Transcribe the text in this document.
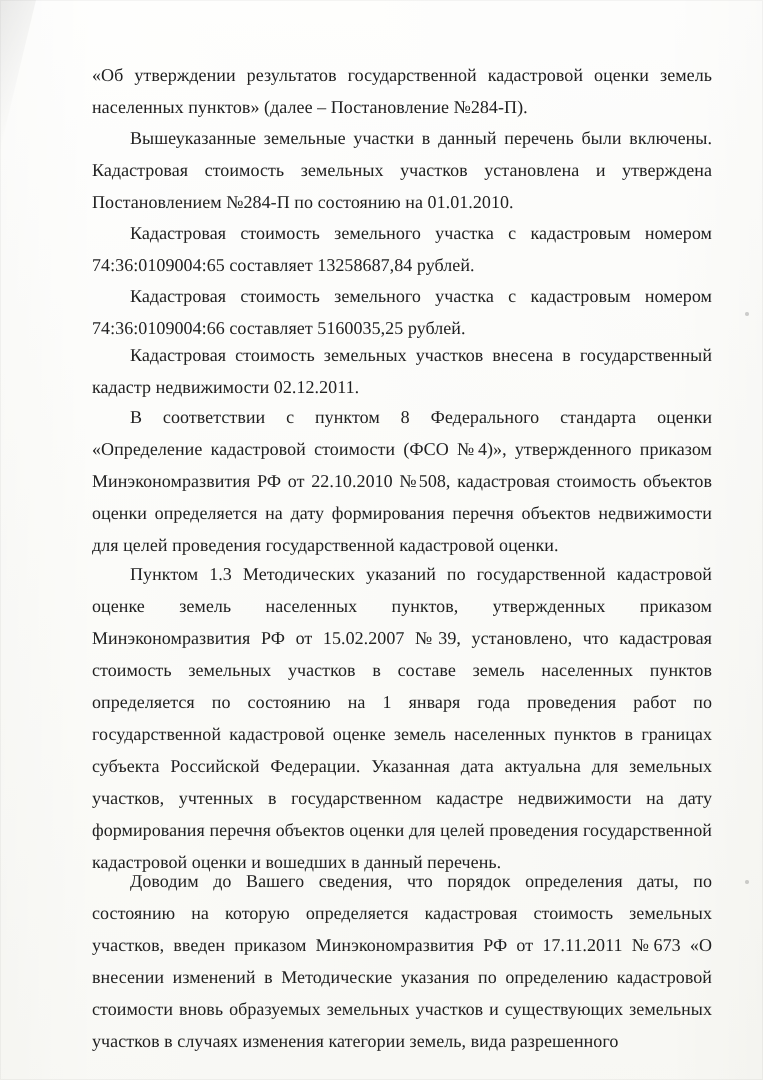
«Об утверждении результатов государственной кадастровой оценки земель населенных пунктов» (далее – Постановление №284-П).

Вышеуказанные земельные участки в данный перечень были включены. Кадастровая стоимость земельных участков установлена и утверждена Постановлением №284-П по состоянию на 01.01.2010.

Кадастровая стоимость земельного участка с кадастровым номером 74:36:0109004:65 составляет 13258687,84 рублей.

Кадастровая стоимость земельного участка с кадастровым номером 74:36:0109004:66 составляет 5160035,25 рублей.

Кадастровая стоимость земельных участков внесена в государственный кадастр недвижимости 02.12.2011.

В соответствии с пунктом 8 Федерального стандарта оценки «Определение кадастровой стоимости (ФСО №4)», утвержденного приказом Минэкономразвития РФ от 22.10.2010 №508, кадастровая стоимость объектов оценки определяется на дату формирования перечня объектов недвижимости для целей проведения государственной кадастровой оценки.

Пунктом 1.3 Методических указаний по государственной кадастровой оценке земель населенных пунктов, утвержденных приказом Минэкономразвития РФ от 15.02.2007 №39, установлено, что кадастровая стоимость земельных участков в составе земель населенных пунктов определяется по состоянию на 1 января года проведения работ по государственной кадастровой оценке земель населенных пунктов в границах субъекта Российской Федерации. Указанная дата актуальна для земельных участков, учтенных в государственном кадастре недвижимости на дату формирования перечня объектов оценки для целей проведения государственной кадастровой оценки и вошедших в данный перечень.

Доводим до Вашего сведения, что порядок определения даты, по состоянию на которую определяется кадастровая стоимость земельных участков, введен приказом Минэкономразвития РФ от 17.11.2011 №673 «О внесении изменений в Методические указания по определению кадастровой стоимости вновь образуемых земельных участков и существующих земельных участков в случаях изменения категории земель, вида разрешенного
